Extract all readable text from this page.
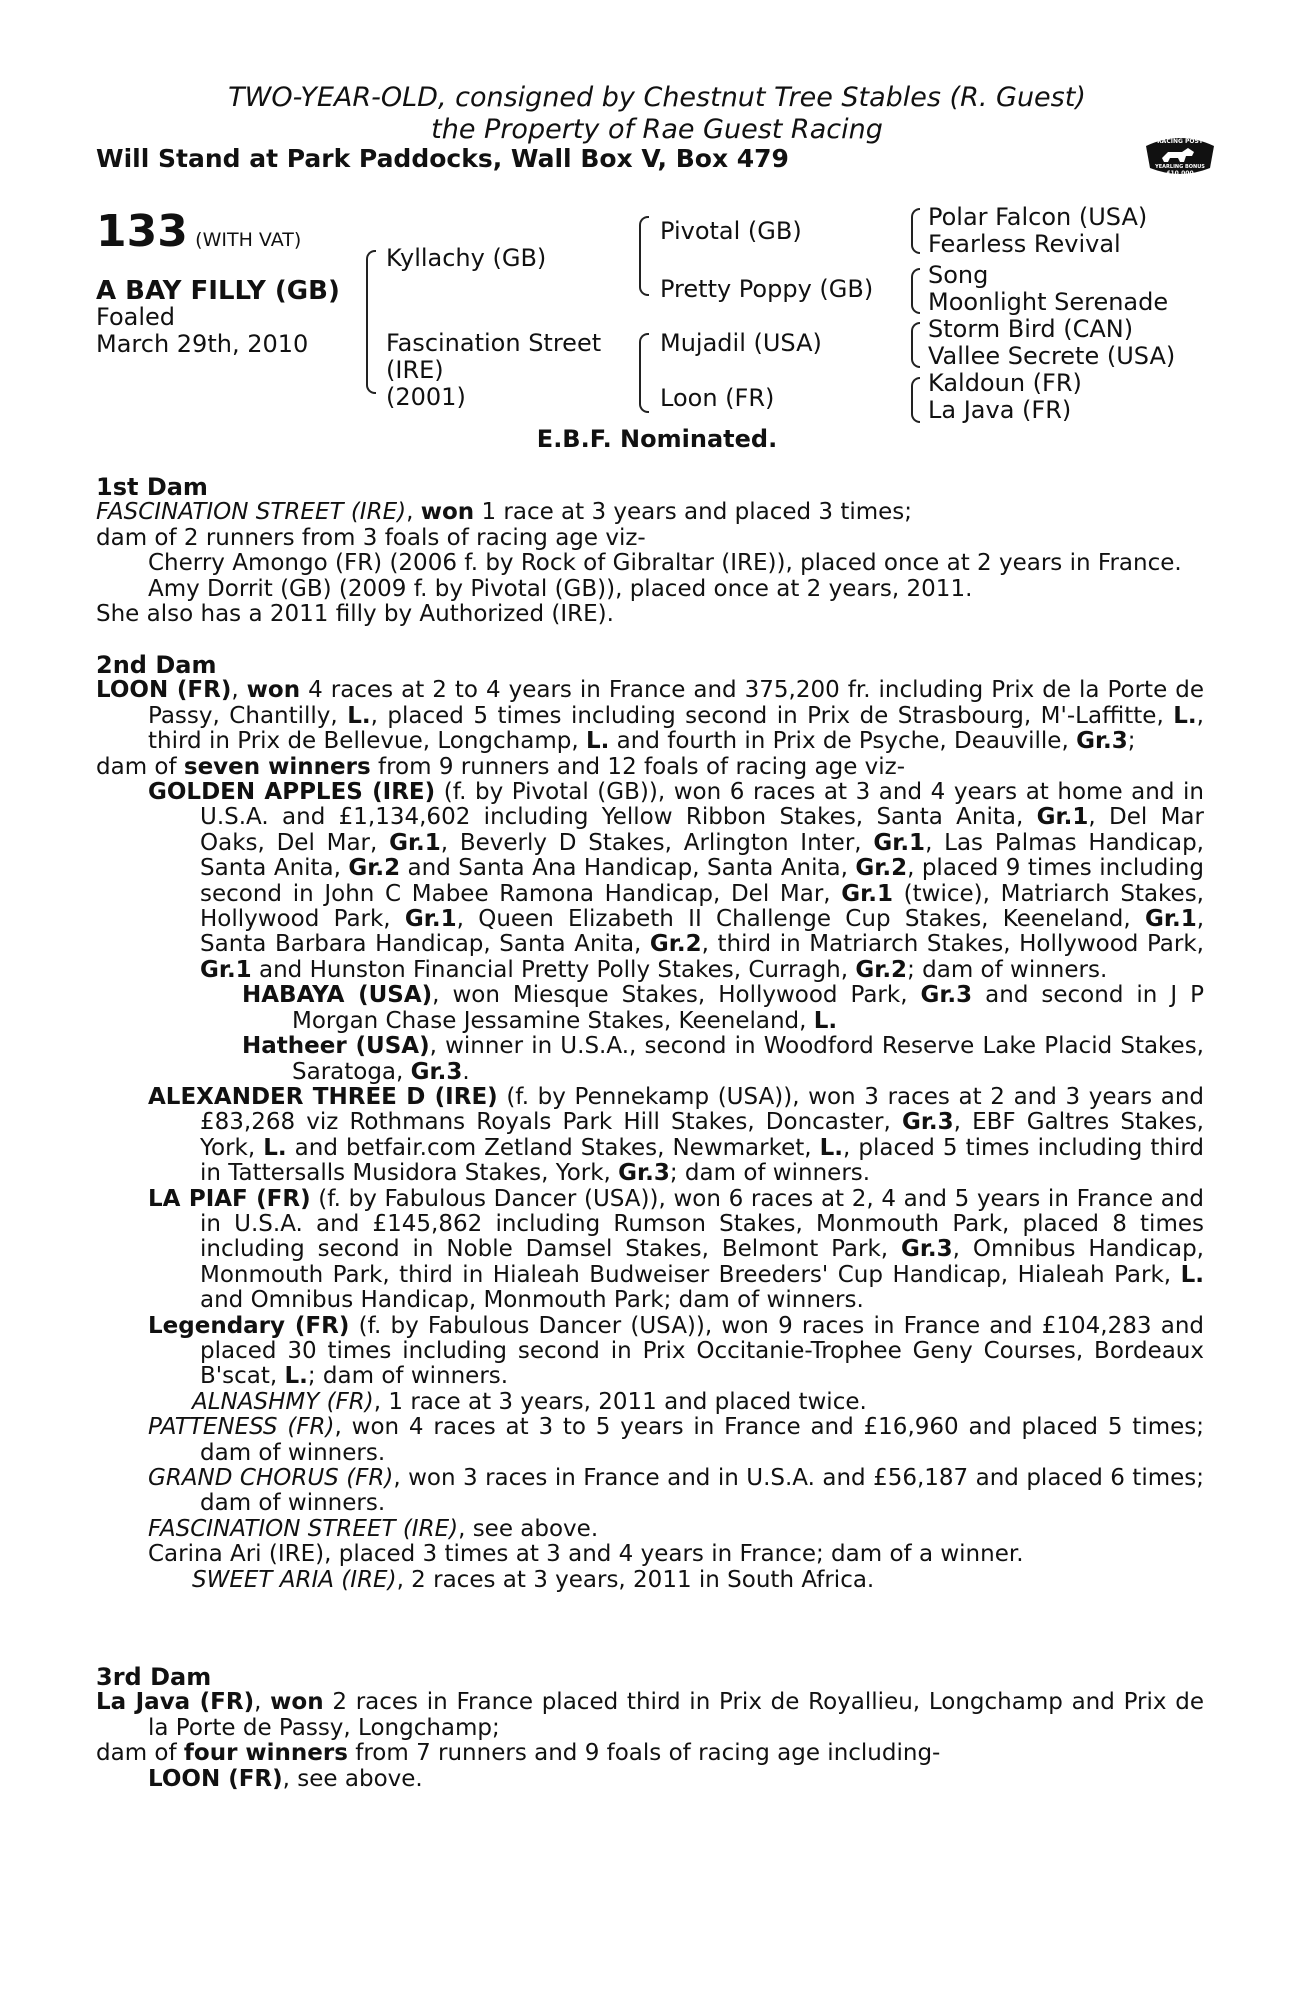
TWO-YEAR-OLD, consigned by Chestnut Tree Stables (R. Guest)
the Property of Rae Guest Racing
Will Stand at Park Paddocks, Wall Box V, Box 479
RACING POST
YEARLING BONUS
£10,000
133 (WITH VAT)
A BAY FILLY (GB)
Foaled
March 29th, 2010
Kyllachy (GB)
Fascination Street
(IRE)
(2001)
Pivotal (GB)
Pretty Poppy (GB)
Mujadil (USA)
Loon (FR)
Polar Falcon (USA)
Fearless Revival
Song
Moonlight Serenade
Storm Bird (CAN)
Vallee Secrete (USA)
Kaldoun (FR)
La Java (FR)
E.B.F. Nominated.

1st Dam

FASCINATION STREET (IRE), won 1 race at 3 years and placed 3 times;

dam of 2 runners from 3 foals of racing age viz-

Cherry Amongo (FR) (2006 f. by Rock of Gibraltar (IRE)), placed once at 2 years in France.

Amy Dorrit (GB) (2009 f. by Pivotal (GB)), placed once at 2 years, 2011.

She also has a 2011 filly by Authorized (IRE).

2nd Dam

LOON (FR), won 4 races at 2 to 4 years in France and 375,200 fr. including Prix de la Porte de Passy, Chantilly, L., placed 5 times including second in Prix de Strasbourg, M'-Laffitte, L., third in Prix de Bellevue, Longchamp, L. and fourth in Prix de Psyche, Deauville, Gr.3;

dam of seven winners from 9 runners and 12 foals of racing age viz-

GOLDEN APPLES (IRE) (f. by Pivotal (GB)), won 6 races at 3 and 4 years at home and in U.S.A. and £1,134,602 including Yellow Ribbon Stakes, Santa Anita, Gr.1, Del Mar Oaks, Del Mar, Gr.1, Beverly D Stakes, Arlington Inter, Gr.1, Las Palmas Handicap, Santa Anita, Gr.2 and Santa Ana Handicap, Santa Anita, Gr.2, placed 9 times including second in John C Mabee Ramona Handicap, Del Mar, Gr.1 (twice), Matriarch Stakes, Hollywood Park, Gr.1, Queen Elizabeth II Challenge Cup Stakes, Keeneland, Gr.1, Santa Barbara Handicap, Santa Anita, Gr.2, third in Matriarch Stakes, Hollywood Park, Gr.1 and Hunston Financial Pretty Polly Stakes, Curragh, Gr.2; dam of winners.

HABAYA (USA), won Miesque Stakes, Hollywood Park, Gr.3 and second in J P Morgan Chase Jessamine Stakes, Keeneland, L.

Hatheer (USA), winner in U.S.A., second in Woodford Reserve Lake Placid Stakes, Saratoga, Gr.3.

ALEXANDER THREE D (IRE) (f. by Pennekamp (USA)), won 3 races at 2 and 3 years and £83,268 viz Rothmans Royals Park Hill Stakes, Doncaster, Gr.3, EBF Galtres Stakes, York, L. and betfair.com Zetland Stakes, Newmarket, L., placed 5 times including third in Tattersalls Musidora Stakes, York, Gr.3; dam of winners.

LA PIAF (FR) (f. by Fabulous Dancer (USA)), won 6 races at 2, 4 and 5 years in France and in U.S.A. and £145,862 including Rumson Stakes, Monmouth Park, placed 8 times including second in Noble Damsel Stakes, Belmont Park, Gr.3, Omnibus Handicap, Monmouth Park, third in Hialeah Budweiser Breeders' Cup Handicap, Hialeah Park, L. and Omnibus Handicap, Monmouth Park; dam of winners.

Legendary (FR) (f. by Fabulous Dancer (USA)), won 9 races in France and £104,283 and placed 30 times including second in Prix Occitanie-Trophee Geny Courses, Bordeaux B'scat, L.; dam of winners.

ALNASHMY (FR), 1 race at 3 years, 2011 and placed twice.

PATTENESS (FR), won 4 races at 3 to 5 years in France and £16,960 and placed 5 times; dam of winners.

GRAND CHORUS (FR), won 3 races in France and in U.S.A. and £56,187 and placed 6 times; dam of winners.

FASCINATION STREET (IRE), see above.

Carina Ari (IRE), placed 3 times at 3 and 4 years in France; dam of a winner.

SWEET ARIA (IRE), 2 races at 3 years, 2011 in South Africa.

3rd Dam

La Java (FR), won 2 races in France placed third in Prix de Royallieu, Longchamp and Prix de la Porte de Passy, Longchamp;

dam of four winners from 7 runners and 9 foals of racing age including-

LOON (FR), see above.
